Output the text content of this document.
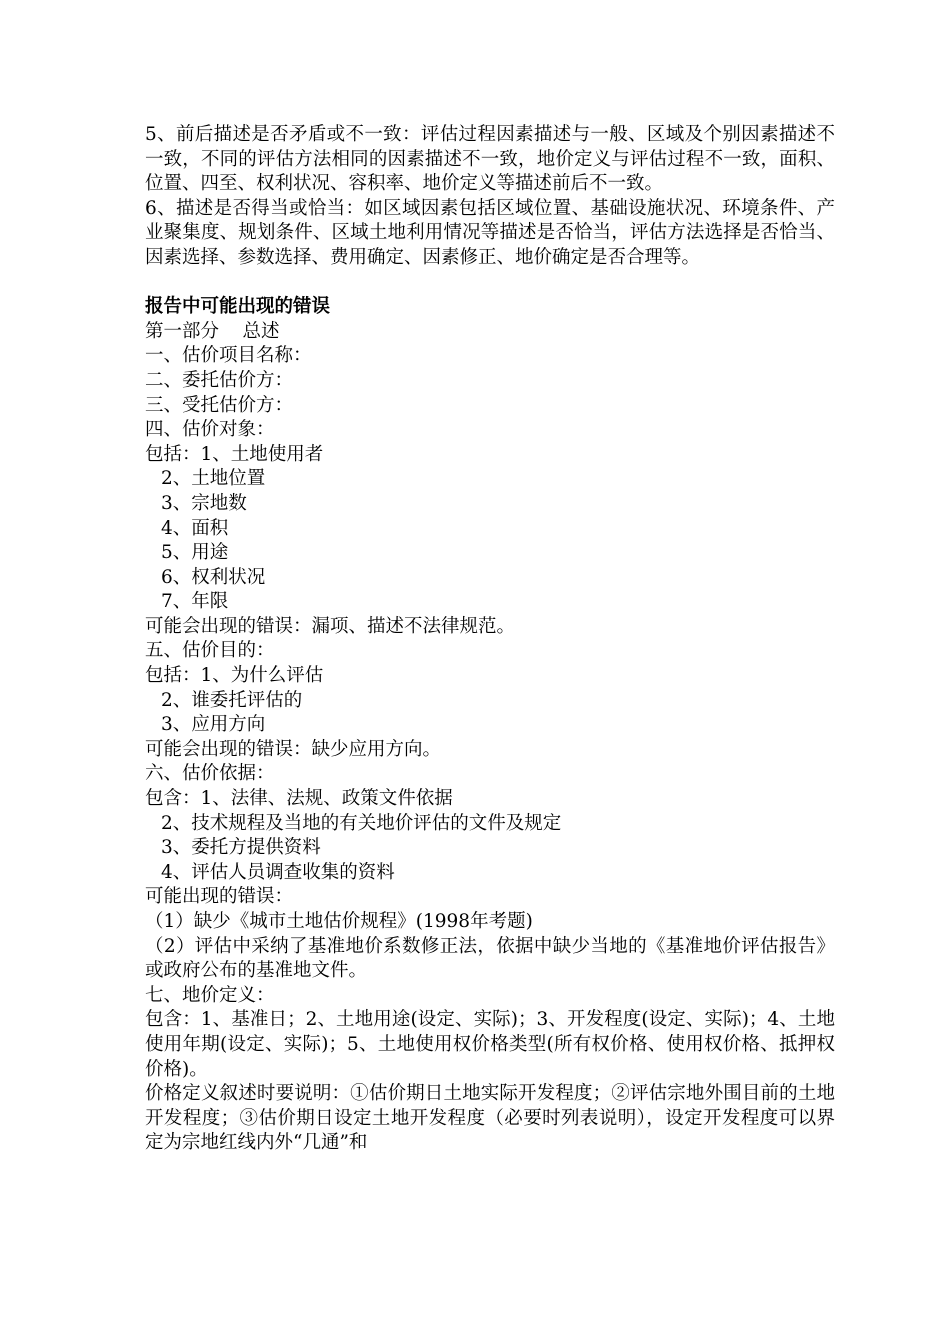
5、前后描述是否矛盾或不一致：评估过程因素描述与一般、区域及个别因素描述不一致，不同的评估方法相同的因素描述不一致，地价定义与评估过程不一致，面积、位置、四至、权利状况、容积率、地价定义等描述前后不一致。

6、描述是否得当或恰当：如区域因素包括区域位置、基础设施状况、环境条件、产业聚集度、规划条件、区域土地利用情况等描述是否恰当，评估方法选择是否恰当、因素选择、参数选择、费用确定、因素修正、地价确定是否合理等。

报告中可能出现的错误

第一部分    总述

一、估价项目名称：

二、委托估价方：

三、受托估价方：

四、估价对象：

包括：1、土地使用者

2、土地位置

3、宗地数

4、面积

5、用途

6、权利状况

7、年限

可能会出现的错误：漏项、描述不法律规范。

五、估价目的：

包括：1、为什么评估

2、谁委托评估的

3、应用方向

可能会出现的错误：缺少应用方向。

六、估价依据：

包含：1、法律、法规、政策文件依据

2、技术规程及当地的有关地价评估的文件及规定

3、委托方提供资料

4、评估人员调查收集的资料

可能出现的错误：

（1）缺少《城市土地估价规程》(1998年考题)

（2）评估中采纳了基准地价系数修正法，依据中缺少当地的《基准地价评估报告》或政府公布的基准地文件。

七、地价定义：

包含：1、基准日；2、土地用途(设定、实际)；3、开发程度(设定、实际)；4、土地使用年期(设定、实际)；5、土地使用权价格类型(所有权价格、使用权价格、抵押权价格)。

价格定义叙述时要说明：①估价期日土地实际开发程度；②评估宗地外围目前的土地开发程度；③估价期日设定土地开发程度（必要时列表说明），设定开发程度可以界定为宗地红线内外“几通”和
